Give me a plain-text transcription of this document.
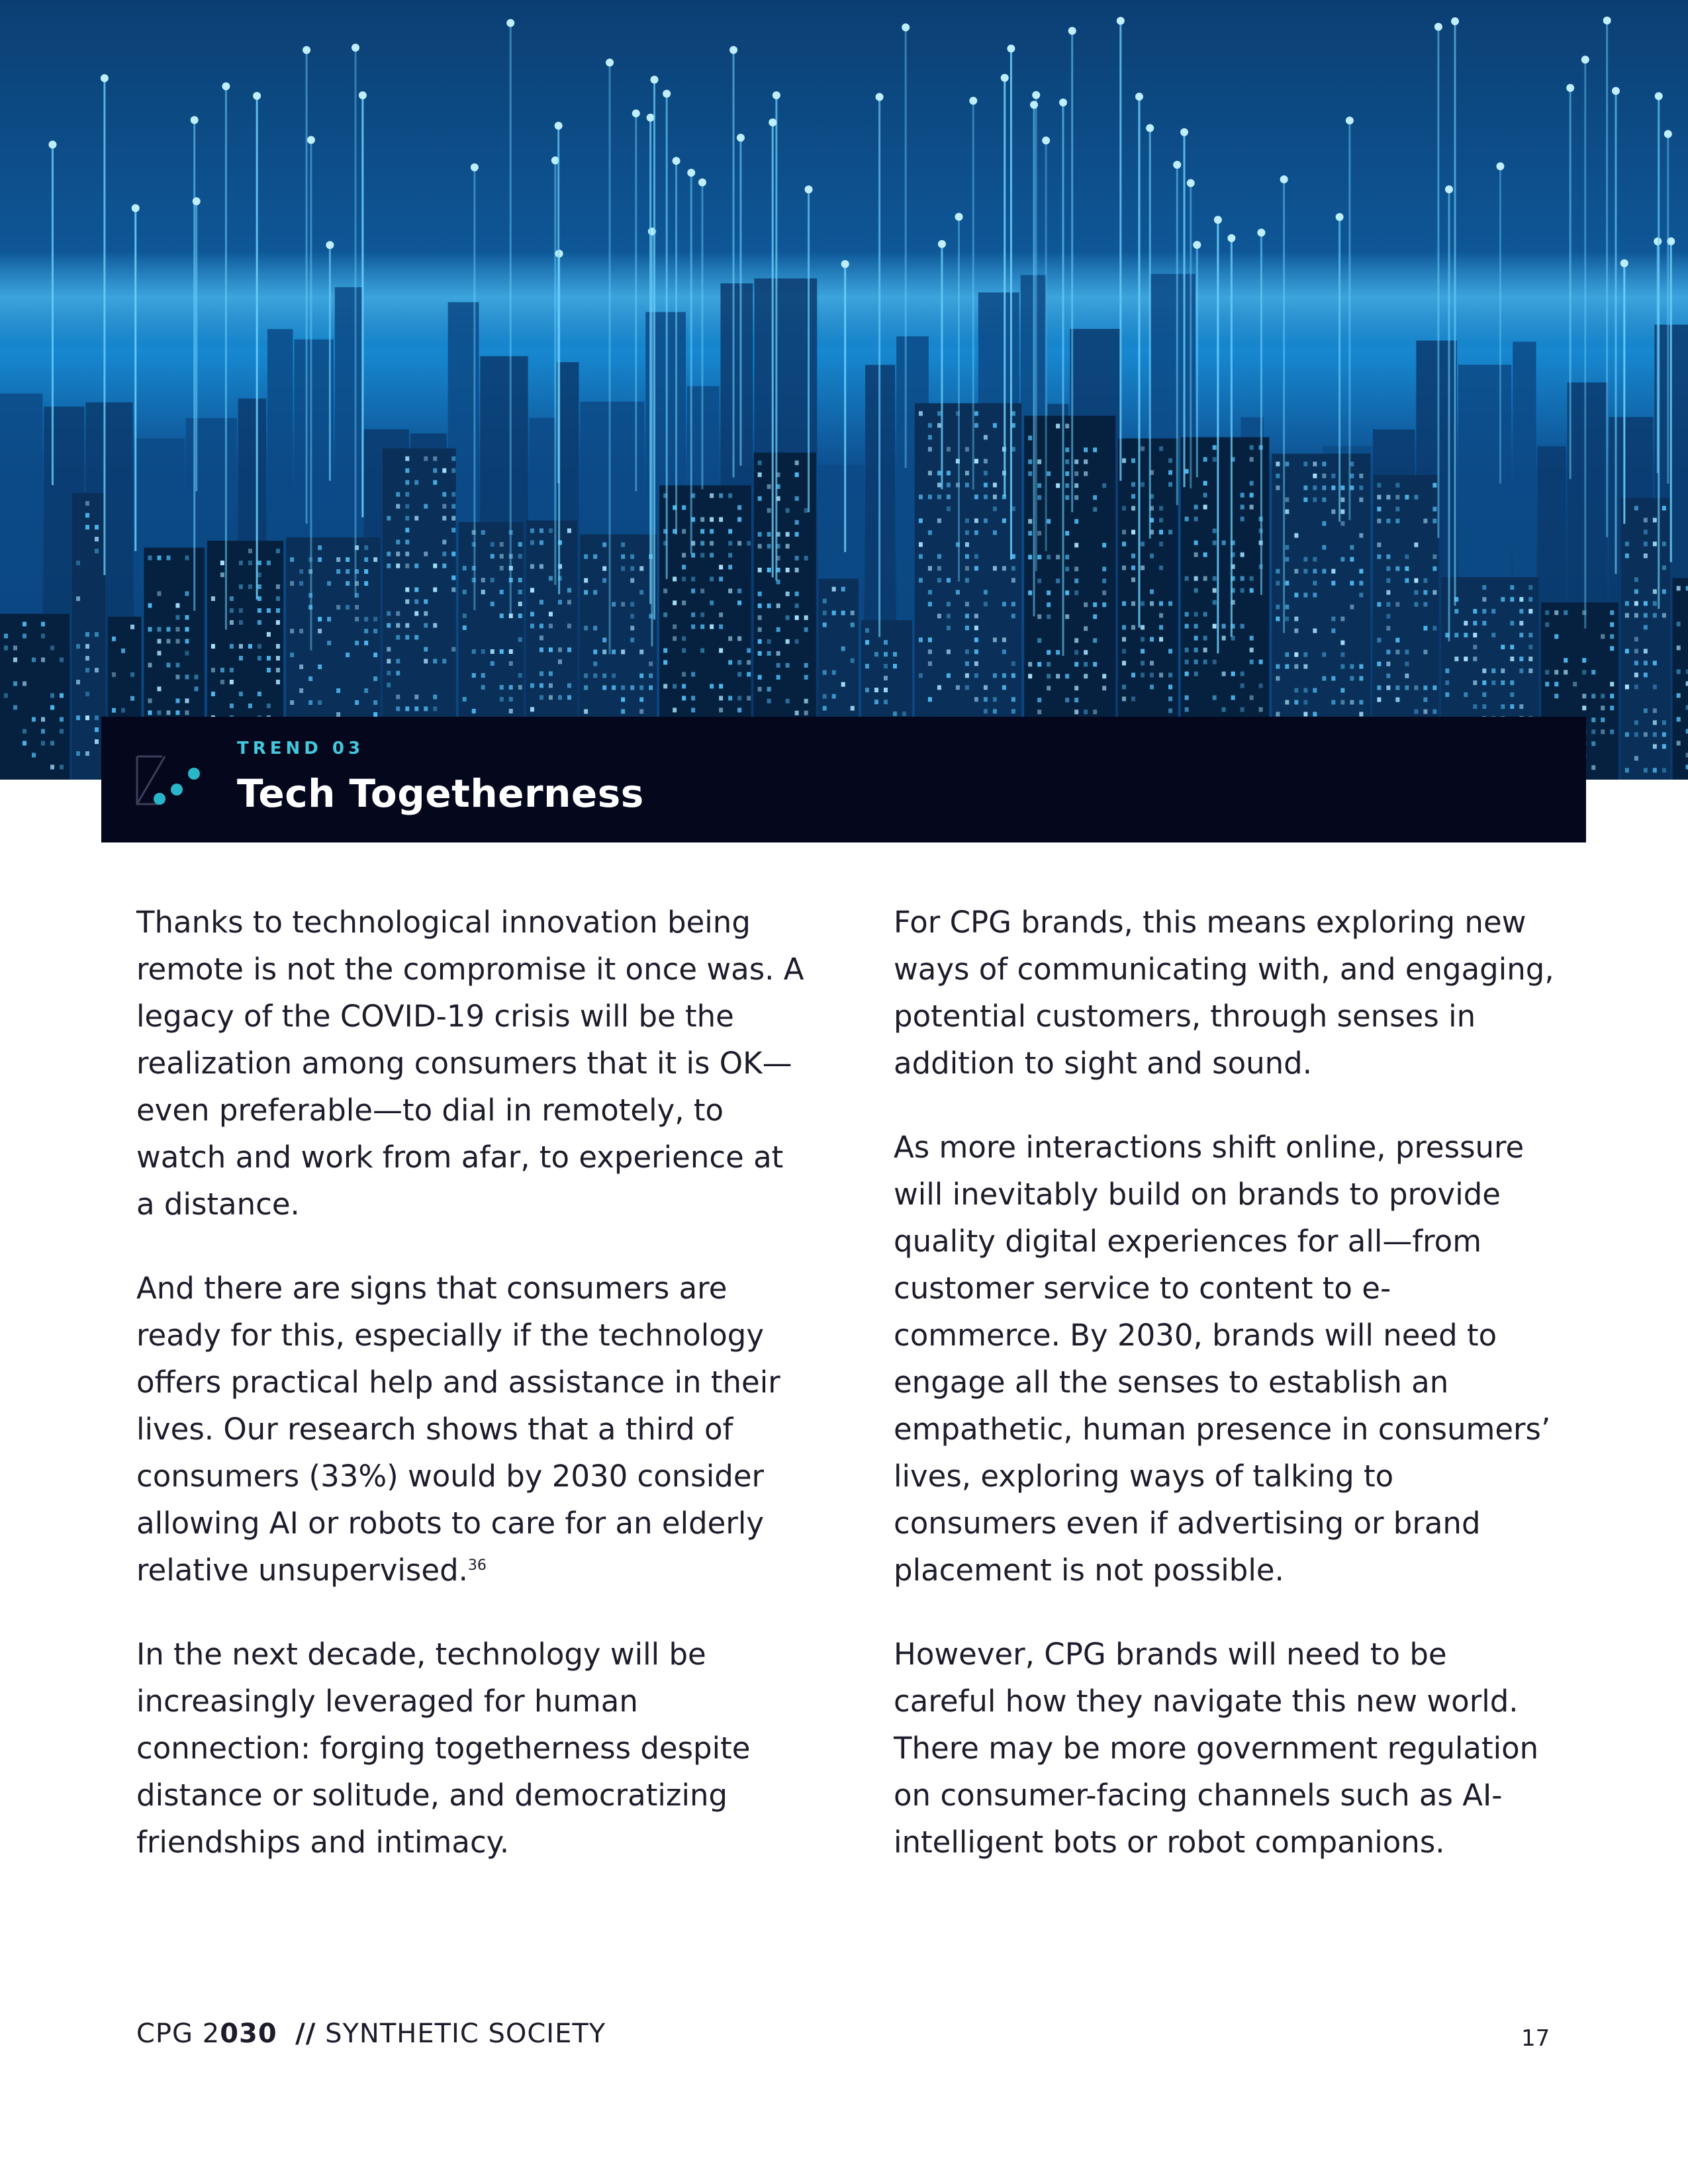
TREND 03
Tech Togetherness

Thanks to technological innovation being remote is not the compromise it once was. A legacy of the COVID-19 crisis will be the realization among consumers that it is OK—even preferable—to dial in remotely, to watch and work from afar, to experience at a distance.

And there are signs that consumers are ready for this, especially if the technology offers practical help and assistance in their lives. Our research shows that a third of consumers (33%) would by 2030 consider allowing AI or robots to care for an elderly relative unsupervised.$^{36}$

In the next decade, technology will be increasingly leveraged for human connection: forging togetherness despite distance or solitude, and democratizing friendships and intimacy.

For CPG brands, this means exploring new ways of communicating with, and engaging, potential customers, through senses in addition to sight and sound.

As more interactions shift online, pressure will inevitably build on brands to provide quality digital experiences for all—from customer service to content to e-commerce. By 2030, brands will need to engage all the senses to establish an empathetic, human presence in consumers’ lives, exploring ways of talking to consumers even if advertising or brand placement is not possible.

However, CPG brands will need to be careful how they navigate this new world. There may be more government regulation on consumer-facing channels such as AI-intelligent bots or robot companions.

CPG 2030 // SYNTHETIC SOCIETY	17
